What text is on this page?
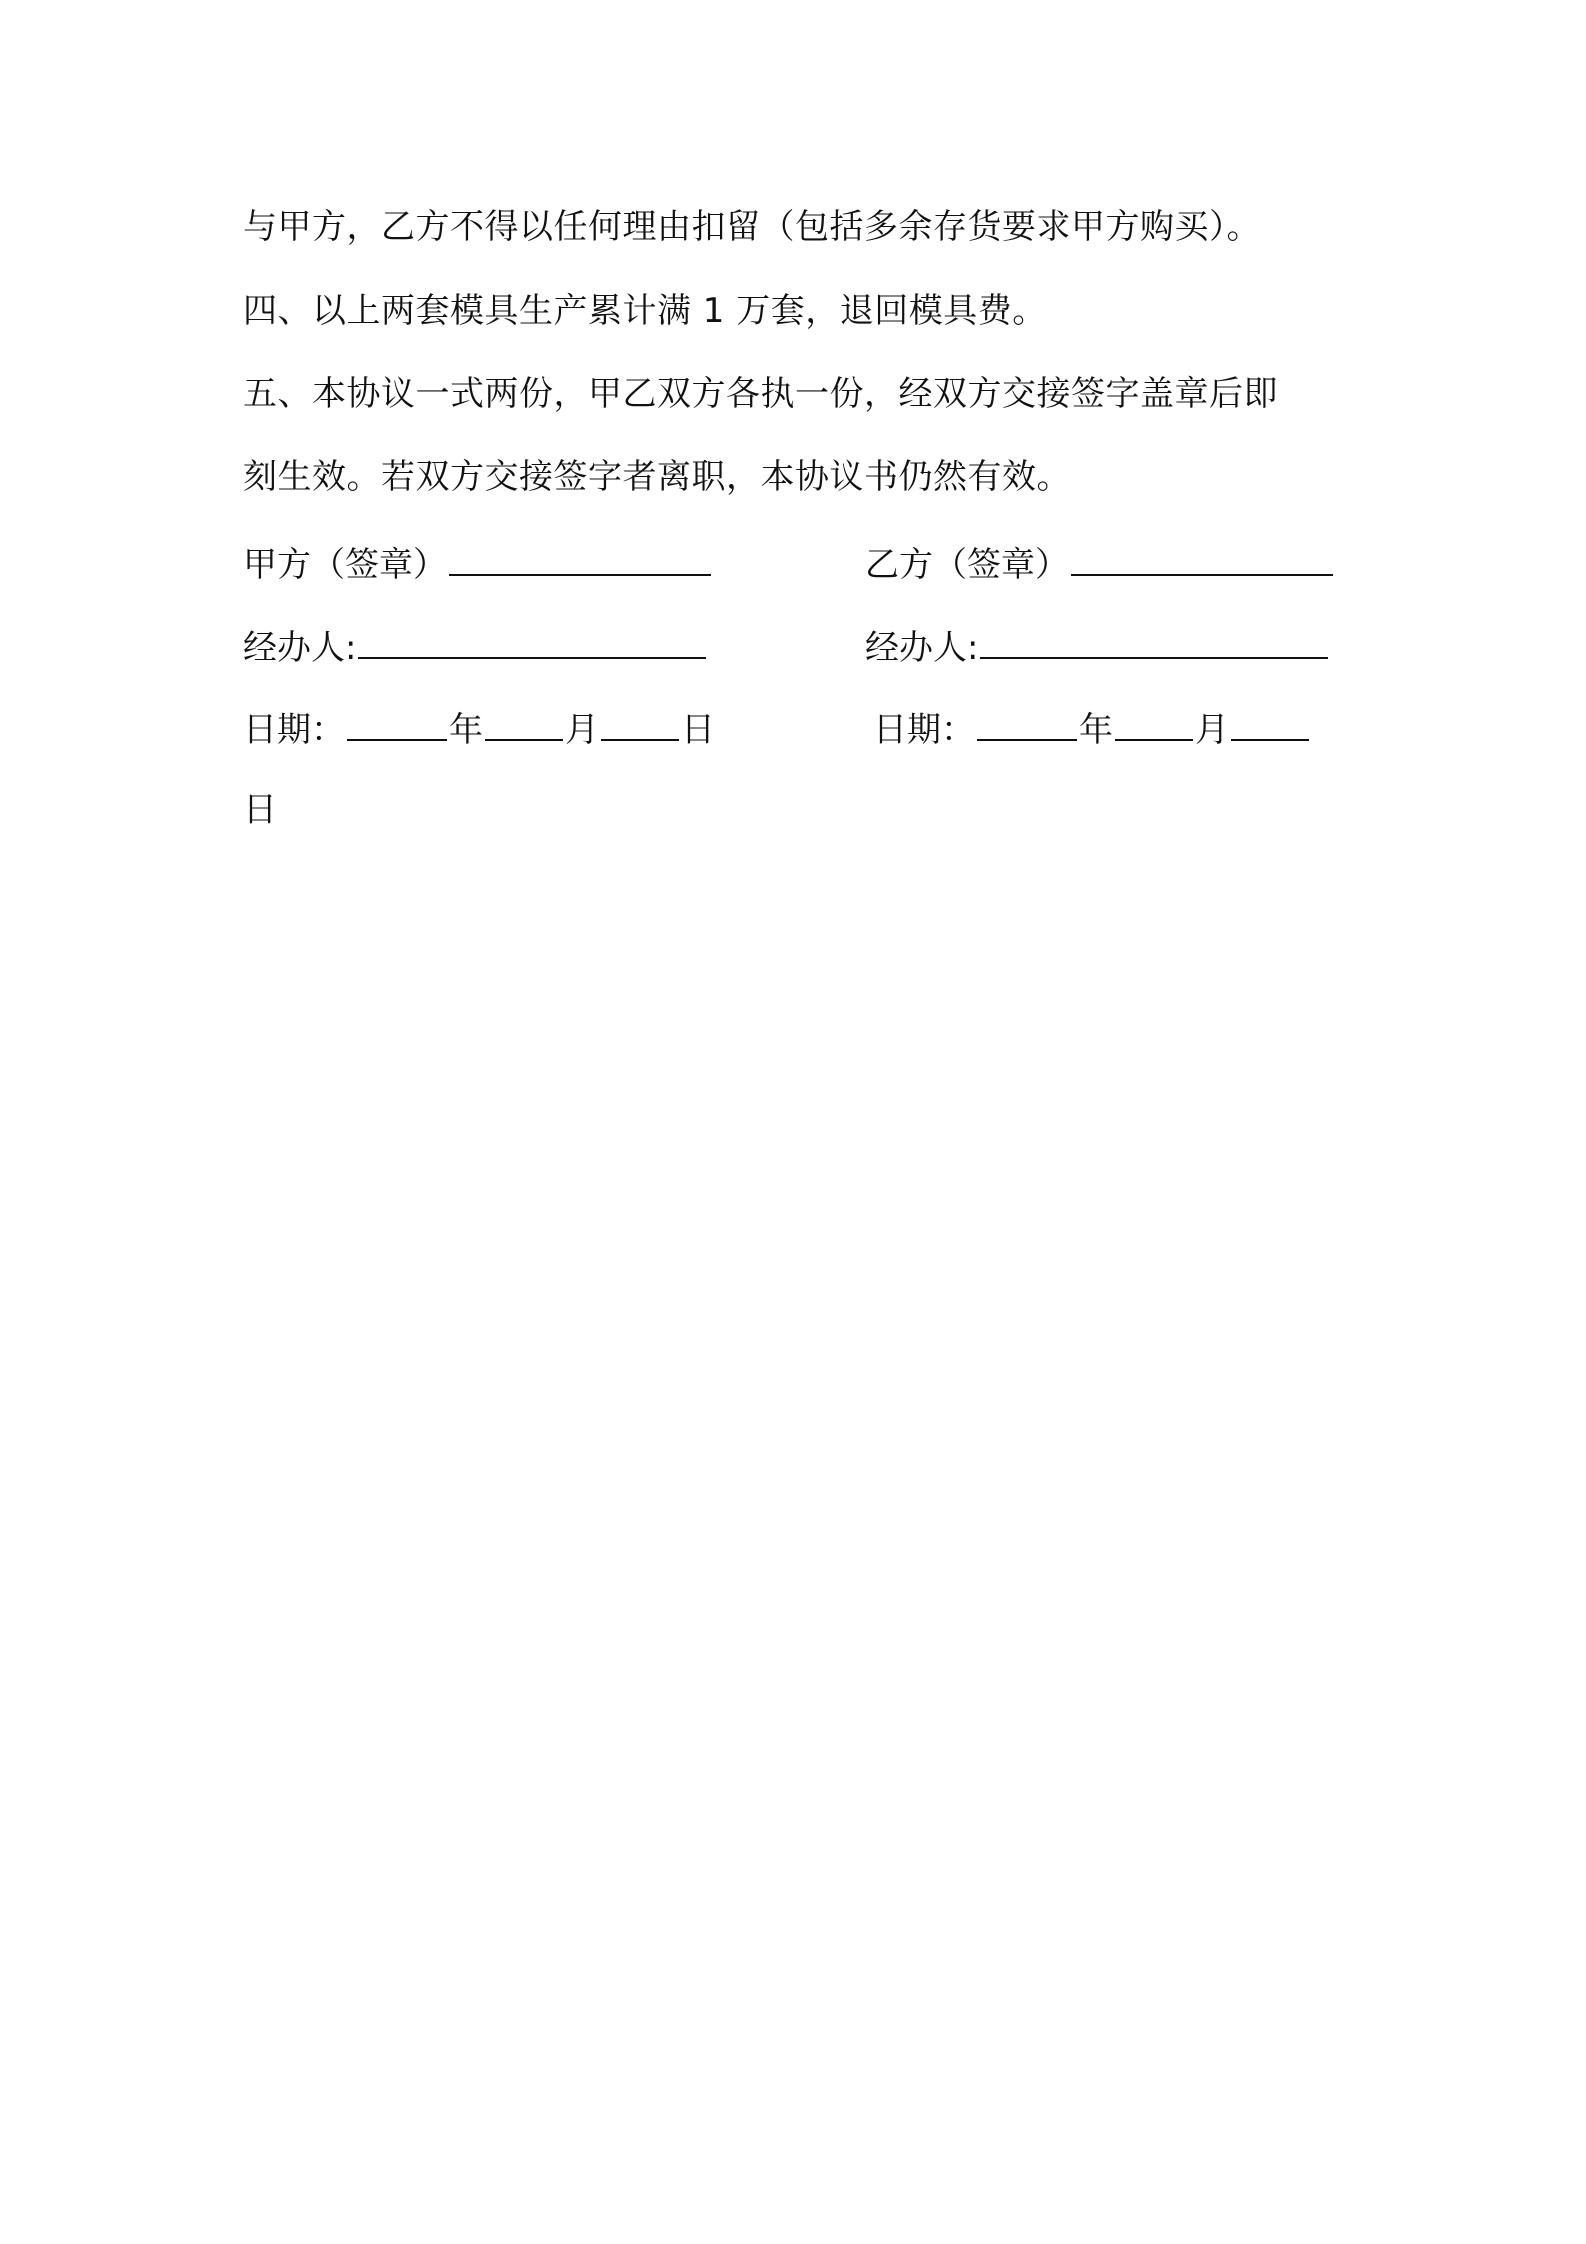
与甲方，乙方不得以任何理由扣留（包括多余存货要求甲方购买）。
四、以上两套模具生产累计满 1 万套，退回模具费。
五、本协议一式两份，甲乙双方各执一份，经双方交接签字盖章后即
刻生效。若双方交接签字者离职，本协议书仍然有效。
甲方（签章）	乙方（签章）
经办人:	经办人:
日期：	年 月 日	日期：	年 月
日
